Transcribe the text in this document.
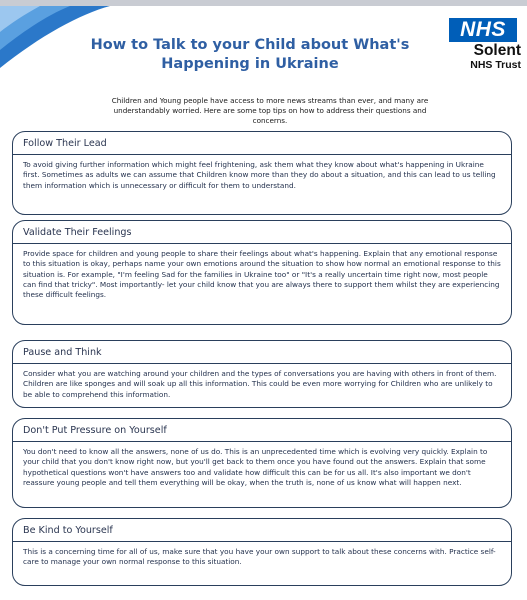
How to Talk to your Child about What's
Happening in Ukraine
NHS
Solent
NHS Trust
Children and Young people have access to more news streams than ever, and many are understandably worried. Here are some top tips on how to address their questions and concerns.
Follow Their Lead
To avoid giving further information which might feel frightening, ask them what they know about what's happening in Ukraine first. Sometimes as adults we can assume that Children know more than they do about a situation, and this can lead to us telling them information which is unnecessary or difficult for them to understand.
Validate Their Feelings
Provide space for children and young people to share their feelings about what's happening. Explain that any emotional response to this situation is okay, perhaps name your own emotions around the situation to show how normal an emotional response to this situation is. For example, "I'm feeling Sad for the families in Ukraine too" or "It's a really uncertain time right now, most people can find that tricky". Most importantly- let your child know that you are always there to support them whilst they are experiencing these difficult feelings.
Pause and Think
Consider what you are watching around your children and the types of conversations you are having with others in front of them. Children are like sponges and will soak up all this information. This could be even more worrying for Children who are unlikely to be able to comprehend this information.
Don't Put Pressure on Yourself
You don't need to know all the answers, none of us do. This is an unprecedented time which is evolving very quickly. Explain to your child that you don't know right now, but you'll get back to them once you have found out the answers. Explain that some hypothetical questions won't have answers too and validate how difficult this can be for us all. It's also important we don't reassure young people and tell them everything will be okay, when the truth is, none of us know what will happen next.
Be Kind to Yourself
This is a concerning time for all of us, make sure that you have your own support to talk about these concerns with. Practice self-care to manage your own normal response to this situation.
